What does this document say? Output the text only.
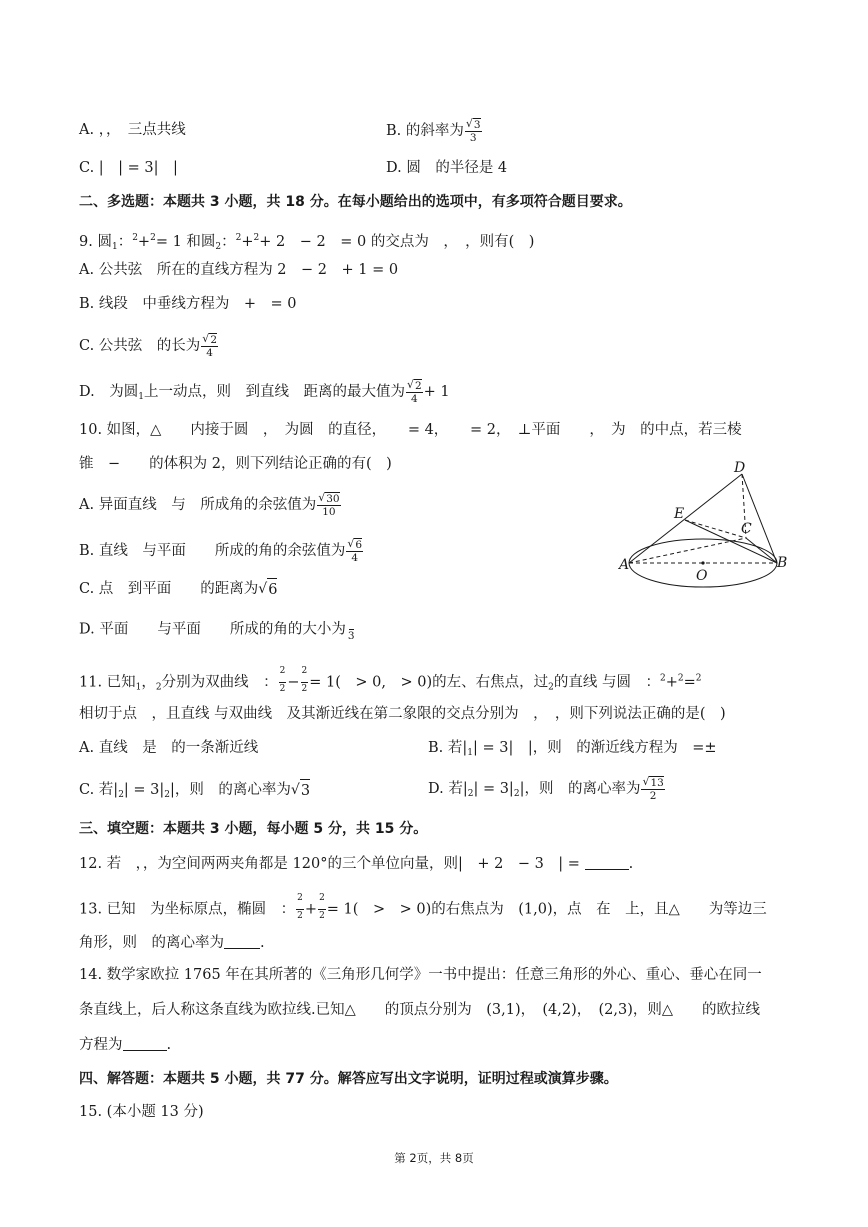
A. ，，　三点共线	B. 的斜率为 $\frac{√ 3}{3}$
C. |　| = 3|　|	D. 圆　的半径是 4
二、多选题：本题共 3 小题，共 18 分。在每小题给出的选项中，有多项符合题目要求。
9. 圆$_1$：$^2$+$^2$= 1 和圆$_2$：$^2$+$^2$+ 2　− 2　= 0 的交点为　，　，则有(　)
A. 公共弦　所在的直线方程为 2　− 2　+ 1 = 0
B. 线段　中垂线方程为　+　= 0
C. 公共弦　的长为 $\frac{√ 2}{4}$
D.　为圆$_1$上一动点，则　到直线　距离的最大值为 $\frac{√ 2}{4} + 1$
10. 如图，△　　内接于圆　，　为圆　的直径，　　= 4，　　= 2，　⊥平面　　，　为　的中点，若三棱
锥　−　　的体积为 2，则下列结论正确的有(　)
A. 异面直线　与　所成角的余弦值为 $\frac{√ 30}{10}$
B. 直线　与平面　　所成的角的余弦值为 $\frac{√ 6}{4}$
C. 点　到平面　　的距离为 √ 6
D. 平面　　与平面　　所成的角的大小为
3
D
E
C
A	B
O
11. 已知$_1$，$_2$分别为双曲线　： $\frac{^2}{^2} - \frac{^2}{^2} = 1$(　> 0,　> 0)的左、右焦点，过$_2$的直线 与圆　：$^2$+$^2$=$^2$
相切于点　，且直线 与双曲线　及其渐近线在第二象限的交点分别为　，　，则下列说法正确的是(　)
A. 直线　是　的一条渐近线	B. 若$|_1| = 3|$　|，则　的渐近线方程为　=±
C. 若$|_2| = 3|_2|$，则　的离心率为 √ 3	D. 若$|_2| = 3|_2|$，则　的离心率为 $\frac{√ 13}{2}$
三、填空题：本题共 3 小题，每小题 5 分，共 15 分。
12. 若　，，为空间两两夹角都是 120°的三个单位向量，则|　+ 2　− 3　| =	.
13. 已知　为坐标原点，椭圆　： $\frac{^2}{^2} + \frac{^2}{^2} = 1$(　>　> 0)的右焦点为　(1,0)，点　在　上，且△　　为等边三
角形，则　的离心率为 .
14. 数学家欧拉 1765 年在其所著的《三角形几何学》一书中提出：任意三角形的外心、重心、垂心在同一
条直线上，后人称这条直线为欧拉线.已知△　　的顶点分别为　(3,1)，　(4,2)，　(2,3)，则△　　的欧拉线
方程为	.
四、解答题：本题共 5 小题，共 77 分。解答应写出文字说明，证明过程或演算步骤。
15. (本小题 13 分)
第 2页，共 8页
